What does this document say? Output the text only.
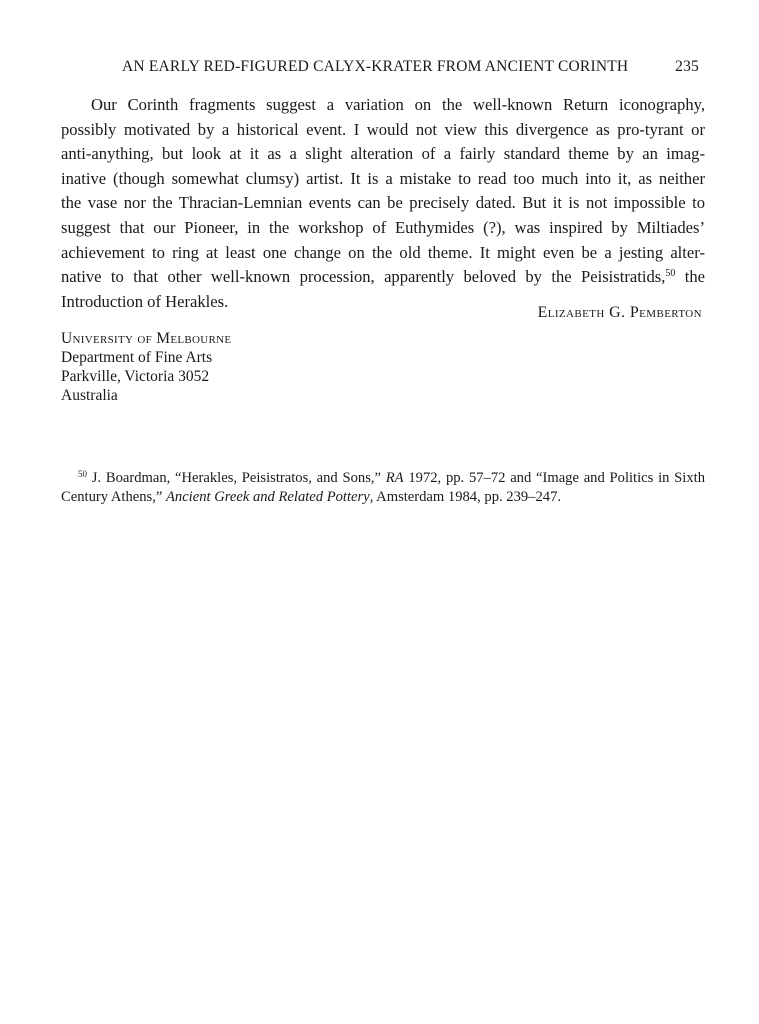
AN EARLY RED-FIGURED CALYX-KRATER FROM ANCIENT CORINTH	235

Our Corinth fragments suggest a variation on the well-known Return iconography,
possibly motivated by a historical event. I would not view this divergence as pro-tyrant or
anti-anything, but look at it as a slight alteration of a fairly standard theme by an imag-
inative (though somewhat clumsy) artist. It is a mistake to read too much into it, as neither
the vase nor the Thracian-Lemnian events can be precisely dated. But it is not impossible to
suggest that our Pioneer, in the workshop of Euthymides (?), was inspired by Miltiades’
achievement to ring at least one change on the old theme. It might even be a jesting alter-
native to that other well-known procession, apparently beloved by the Peisistratids,$^{50}$ the
Introduction of Herakles.

Elizabeth G. Pemberton
University of Melbourne
Department of Fine Arts
Parkville, Victoria 3052
Australia
$^{50}$ J. Boardman, “Herakles, Peisistratos, and Sons,” RA 1972, pp. 57–72 and “Image and Politics in Sixth
Century Athens,” Ancient Greek and Related Pottery, Amsterdam 1984, pp. 239–247.
